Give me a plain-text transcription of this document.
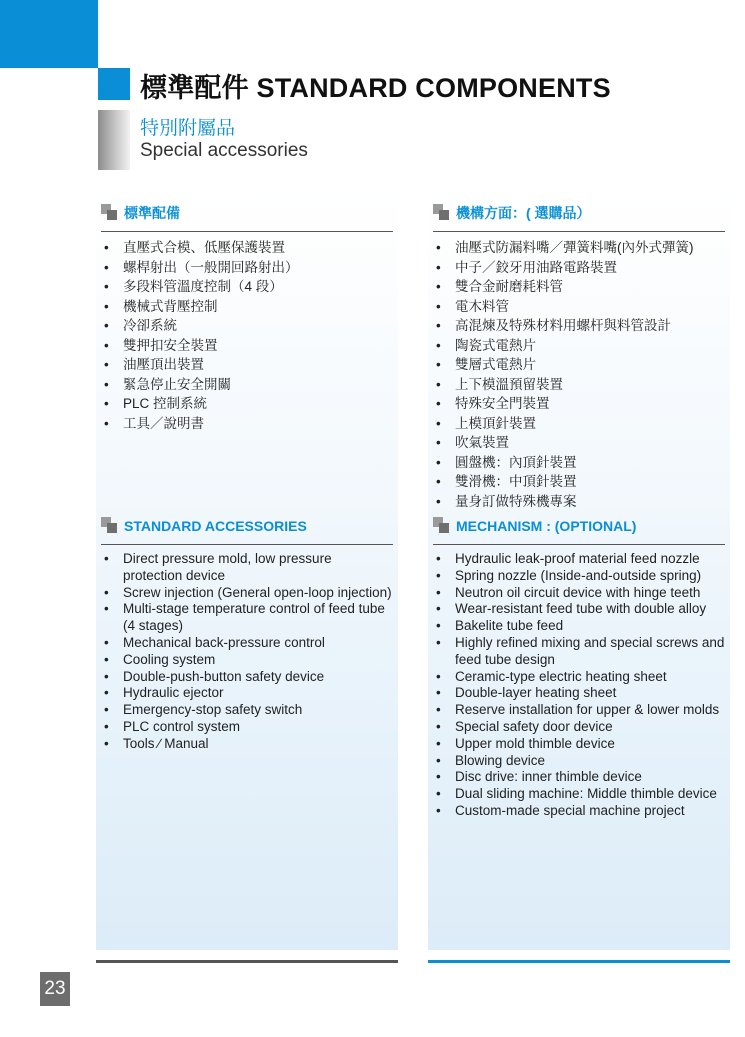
標準配件 STANDARD COMPONENTS
特別附屬品
Special accessories
標準配備
• 直壓式合模、低壓保護裝置
• 螺桿射出（一般開回路射出）
• 多段料管溫度控制（4 段）
• 機械式背壓控制
• 冷卻系統
• 雙押扣安全裝置
• 油壓頂出裝置
• 緊急停止安全開關
• PLC 控制系統
• 工具／說明書
機構方面：( 選購品）
• 油壓式防漏料嘴／彈簧料嘴(內外式彈簧)
• 中子／鉸牙用油路電路裝置
• 雙合金耐磨耗料管
• 電木料管
• 高混煉及特殊材料用螺杆與料管設計
• 陶瓷式電熱片
• 雙層式電熱片
• 上下模溫預留裝置
• 特殊安全門裝置
• 上模頂針裝置
• 吹氣裝置
• 圓盤機：內頂針裝置
• 雙滑機：中頂針裝置
• 量身訂做特殊機專案
STANDARD ACCESSORIES
• Direct pressure mold, low pressure protection device
• Screw injection (General open-loop injection)
• Multi-stage temperature control of feed tube (4 stages)
• Mechanical back-pressure control
• Cooling system
• Double-push-button safety device
• Hydraulic ejector
• Emergency-stop safety switch
• PLC control system
• Tools ∕ Manual
MECHANISM : (OPTIONAL)
• Hydraulic leak-proof material feed nozzle
• Spring nozzle (Inside-and-outside spring)
• Neutron oil circuit device with hinge teeth
• Wear-resistant feed tube with double alloy
• Bakelite tube feed
• Highly refined mixing and special screws and feed tube design
• Ceramic-type electric heating sheet
• Double-layer heating sheet
• Reserve installation for upper & lower molds
• Special safety door device
• Upper mold thimble device
• Blowing device
• Disc drive: inner thimble device
• Dual sliding machine: Middle thimble device
• Custom-made special machine project
23
